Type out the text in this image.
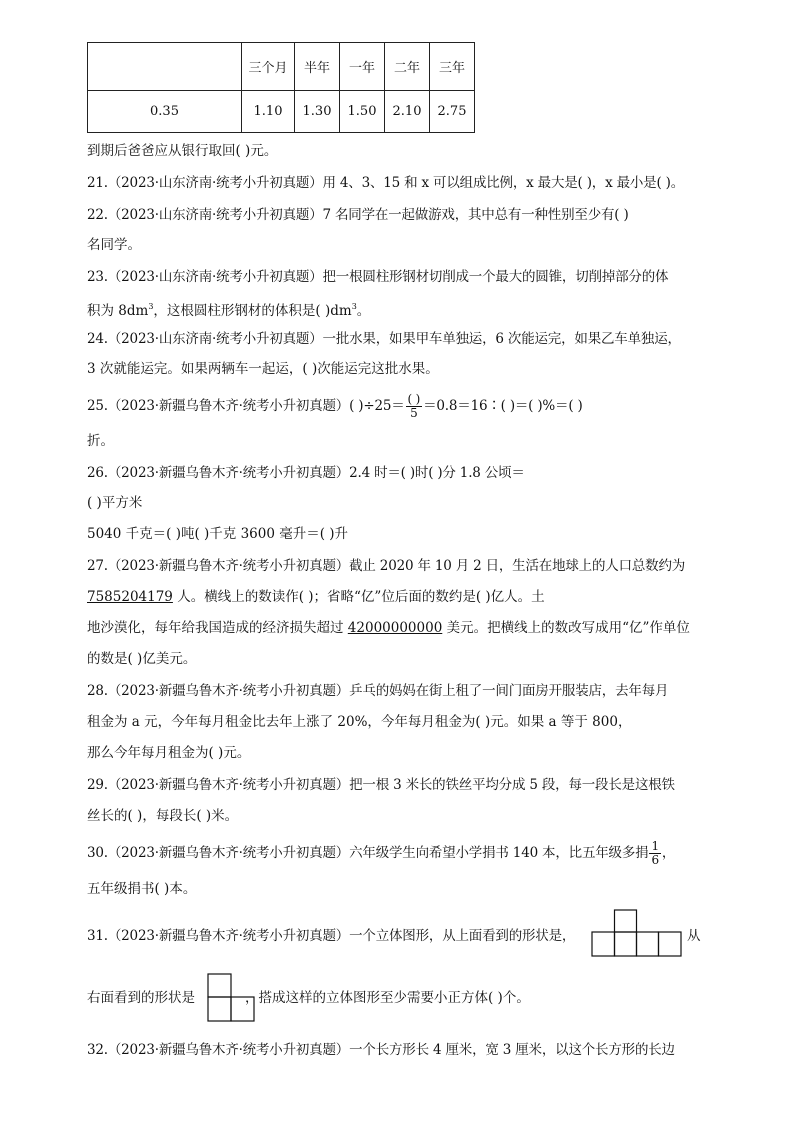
	三个月	半年	一年	二年	三年
0.35	1.10	1.30	1.50	2.10	2.75
到期后爸爸应从银行取回( )元。
21.（2023·山东济南·统考小升初真题）用 4、3、15 和 x 可以组成比例，x 最大是( )，x 最小是( )。
22.（2023·山东济南·统考小升初真题）7 名同学在一起做游戏，其中总有一种性别至少有( )
名同学。
23.（2023·山东济南·统考小升初真题）把一根圆柱形钢材切削成一个最大的圆锥，切削掉部分的体
积为 $8dm^3$，这根圆柱形钢材的体积是( )$dm^3$。
24.（2023·山东济南·统考小升初真题）一批水果，如果甲车单独运，6 次能运完，如果乙车单独运，
3 次就能运完。如果两辆车一起运，( )次能运完这批水果。
25.（2023·新疆乌鲁木齐·统考小升初真题）( )$\div 25= \frac{( )}{5}$ ＝0.8＝16∶( )＝( )%＝( )
折。
26.（2023·新疆乌鲁木齐·统考小升初真题）2.4 时＝( )时( )分 1.8 公顷＝
( )平方米
5040 千克＝( )吨( )千克 3600 毫升＝( )升
27.（2023·新疆乌鲁木齐·统考小升初真题）截止 2020 年 10 月 2 日，生活在地球上的人口总数约为
7585204179 人。横线上的数读作( )；省略“亿”位后面的数约是( )亿人。土
地沙漠化，每年给我国造成的经济损失超过 42000000000 美元。把横线上的数改写成用“亿”作单位
的数是( )亿美元。
28.（2023·新疆乌鲁木齐·统考小升初真题）乒乓的妈妈在街上租了一间门面房开服装店，去年每月
租金为 a 元，今年每月租金比去年上涨了 20%，今年每月租金为( )元。如果 a 等于 800，
那么今年每月租金为( )元。
29.（2023·新疆乌鲁木齐·统考小升初真题）把一根 3 米长的铁丝平均分成 5 段，每一段长是这根铁
丝长的( )，每段长( )米。
30.（2023·新疆乌鲁木齐·统考小升初真题）六年级学生向希望小学捐书 140 本，比五年级多捐 $\frac{1}{6}$ ，
五年级捐书( )本。
31.（2023·新疆乌鲁木齐·统考小升初真题）一个立体图形，从上面看到的形状是，	从
右面看到的形状是	，搭成这样的立体图形至少需要小正方体( )个。
32.（2023·新疆乌鲁木齐·统考小升初真题）一个长方形长 4 厘米，宽 3 厘米，以这个长方形的长边
